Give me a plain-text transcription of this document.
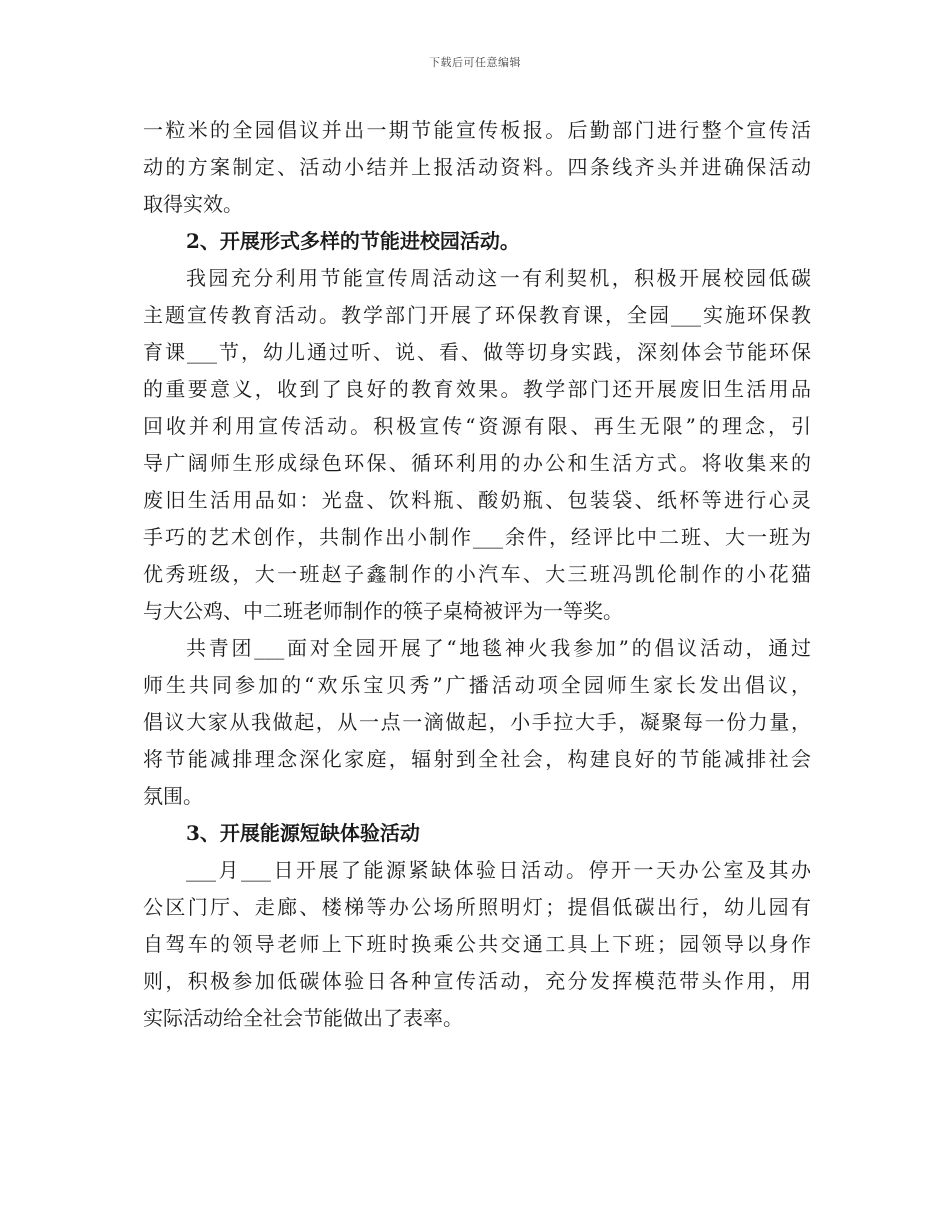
下载后可任意编辑
一粒米的全园倡议并出一期节能宣传板报。后勤部门进行整个宣传活
动的方案制定、活动小结并上报活动资料。四条线齐头并进确保活动
取得实效。
2、开展形式多样的节能进校园活动。
我园充分利用节能宣传周活动这一有利契机，积极开展校园低碳
主题宣传教育活动。教学部门开展了环保教育课，全园___实施环保教
育课___节，幼儿通过听、说、看、做等切身实践，深刻体会节能环保
的重要意义，收到了良好的教育效果。教学部门还开展废旧生活用品
回收并利用宣传活动。积极宣传“资源有限、再生无限”的理念，引
导广阔师生形成绿色环保、循环利用的办公和生活方式。将收集来的
废旧生活用品如：光盘、饮料瓶、酸奶瓶、包装袋、纸杯等进行心灵
手巧的艺术创作，共制作出小制作___余件，经评比中二班、大一班为
优秀班级，大一班赵子鑫制作的小汽车、大三班冯凯伦制作的小花猫
与大公鸡、中二班老师制作的筷子桌椅被评为一等奖。
共青团___面对全园开展了“地毯神火我参加”的倡议活动，通过
师生共同参加的“欢乐宝贝秀”广播活动项全园师生家长发出倡议，
倡议大家从我做起，从一点一滴做起，小手拉大手，凝聚每一份力量，
将节能减排理念深化家庭，辐射到全社会，构建良好的节能减排社会
氛围。
3、开展能源短缺体验活动
___月___日开展了能源紧缺体验日活动。停开一天办公室及其办
公区门厅、走廊、楼梯等办公场所照明灯；提倡低碳出行，幼儿园有
自驾车的领导老师上下班时换乘公共交通工具上下班；园领导以身作
则，积极参加低碳体验日各种宣传活动，充分发挥模范带头作用，用
实际活动给全社会节能做出了表率。
